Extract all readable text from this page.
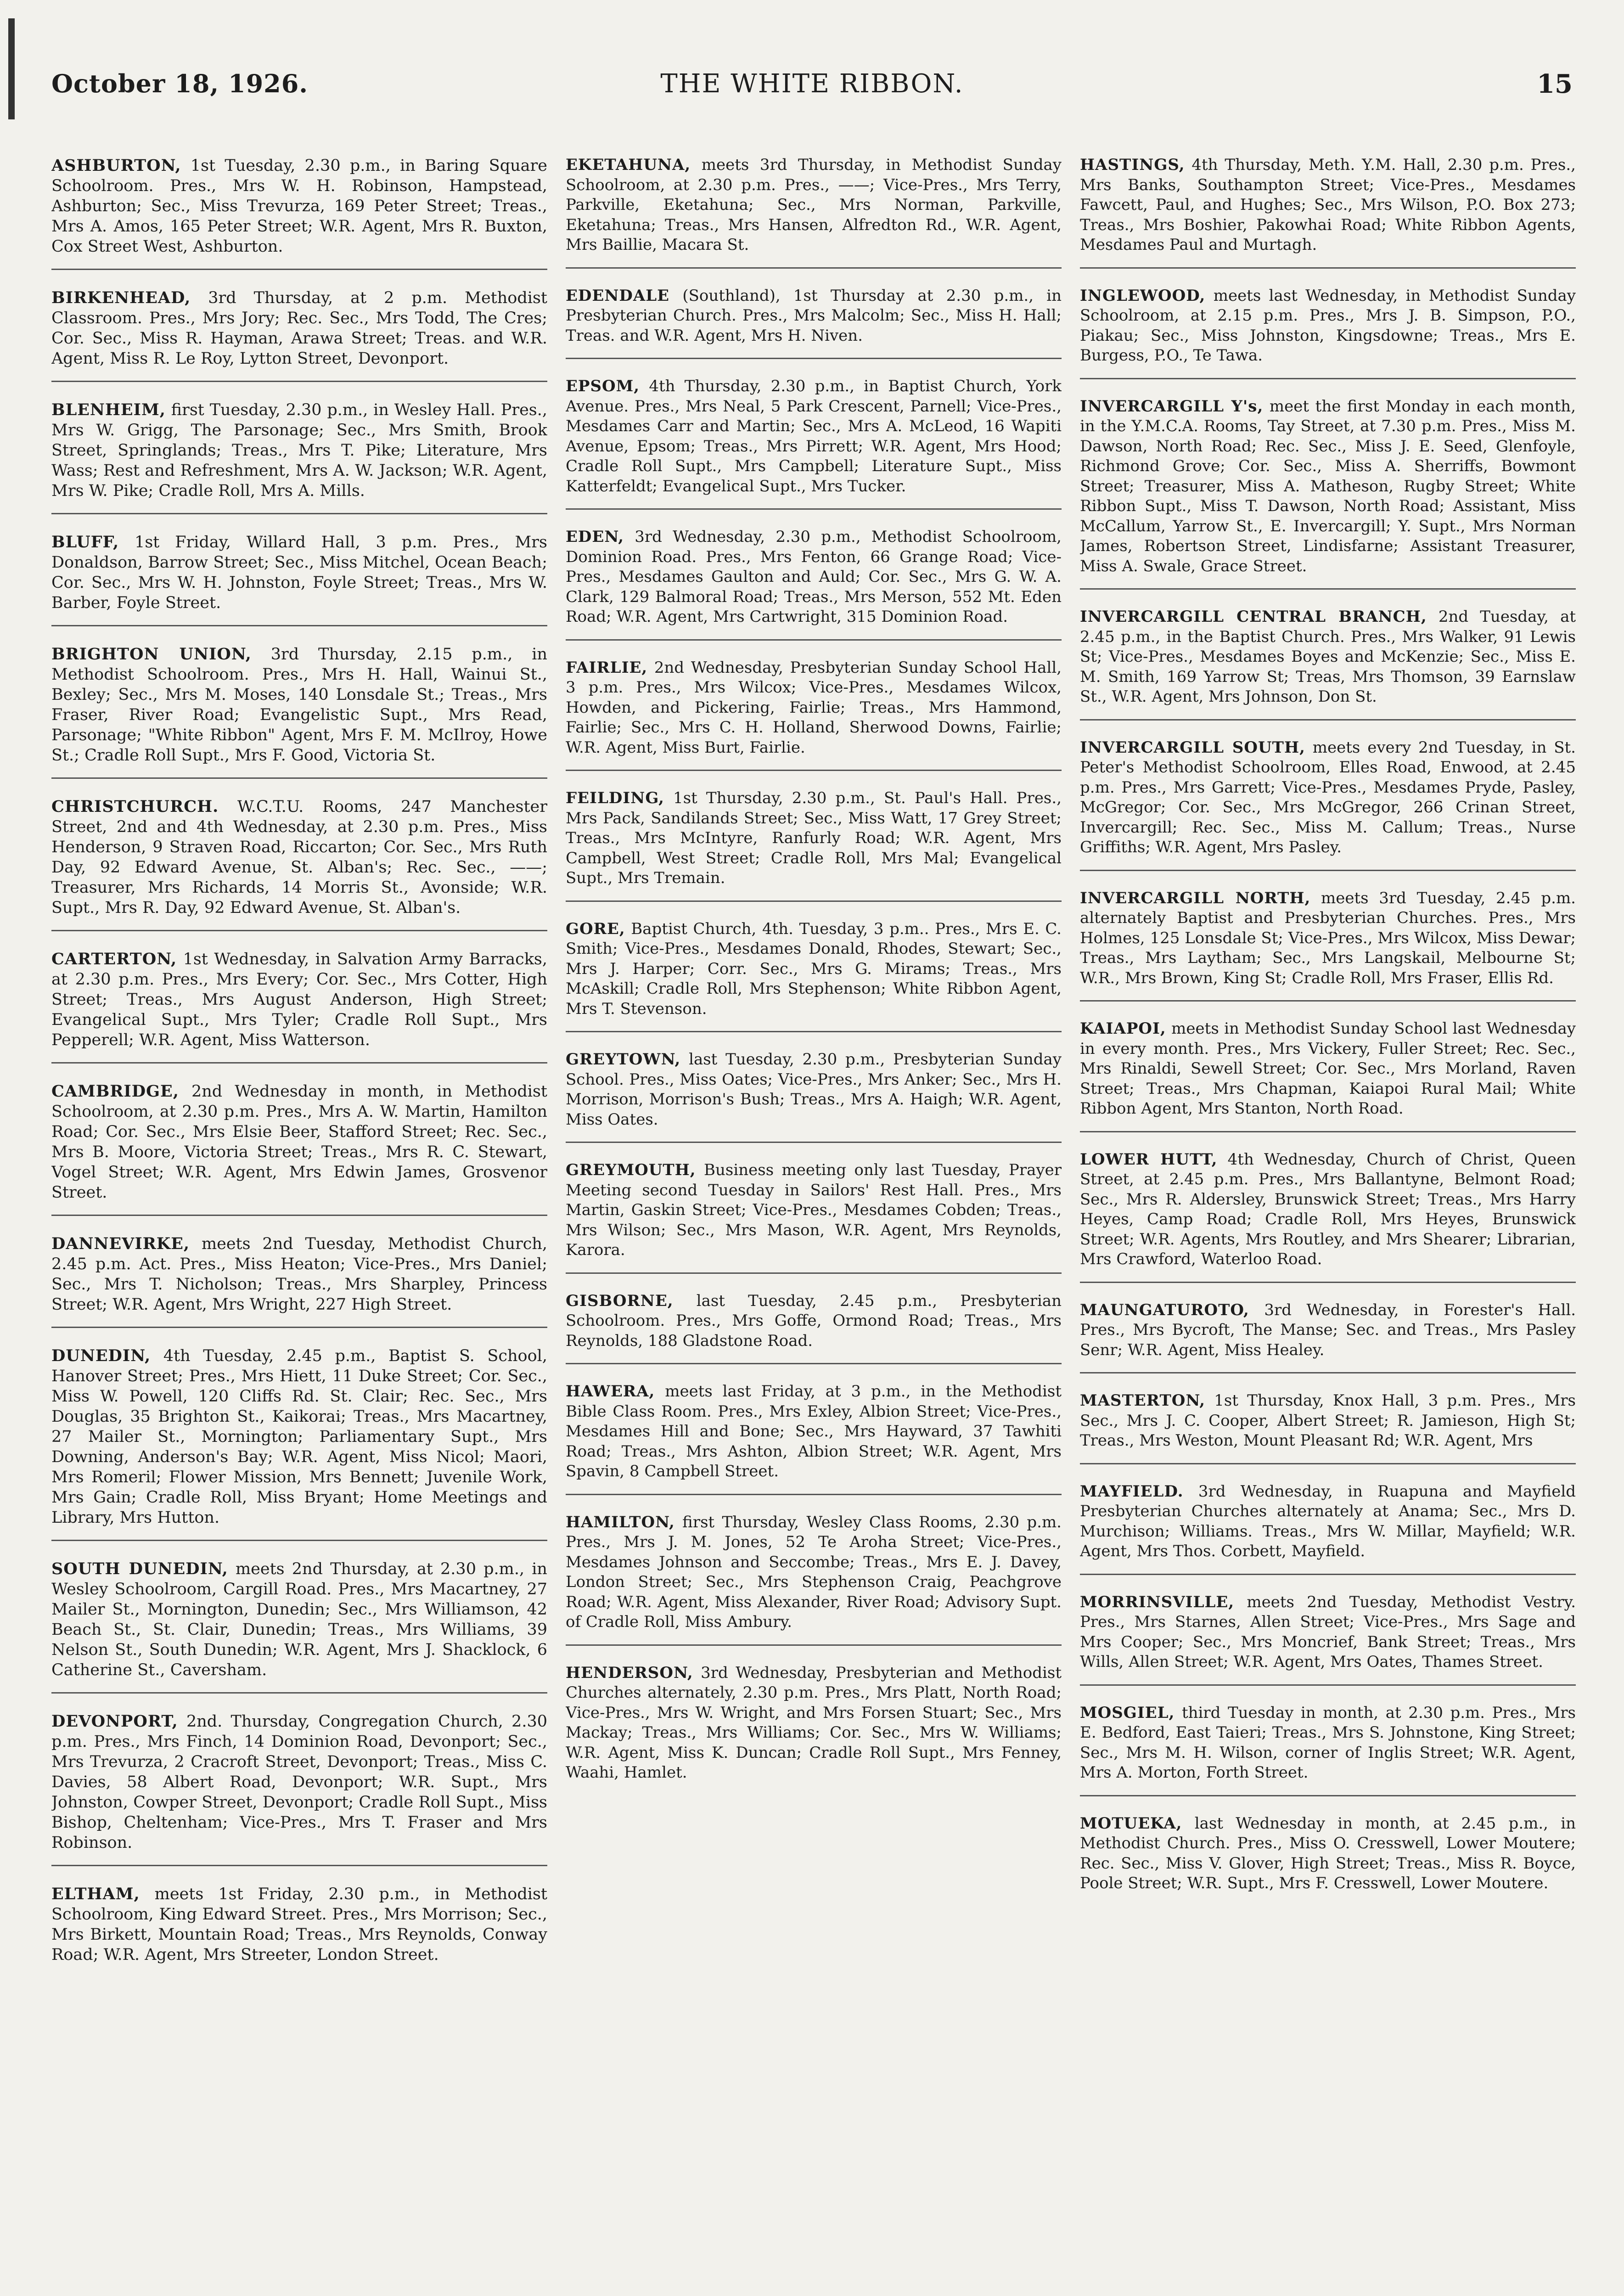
October 18, 1926.	THE WHITE RIBBON.	15

ASHBURTON, 1st Tuesday, 2.30 p.m., in Baring Square Schoolroom. Pres., Mrs W. H. Robinson, Hampstead, Ashburton; Sec., Miss Trevurza, 169 Peter Street; Treas., Mrs A. Amos, 165 Peter Street; W.R. Agent, Mrs R. Buxton, Cox Street West, Ashburton.

BIRKENHEAD, 3rd Thursday, at 2 p.m. Methodist Classroom. Pres., Mrs Jory; Rec. Sec., Mrs Todd, The Cres; Cor. Sec., Miss R. Hayman, Arawa Street; Treas. and W.R. Agent, Miss R. Le Roy, Lytton Street, Devonport.

BLENHEIM, first Tuesday, 2.30 p.m., in Wesley Hall. Pres., Mrs W. Grigg, The Parsonage; Sec., Mrs Smith, Brook Street, Springlands; Treas., Mrs T. Pike; Literature, Mrs Wass; Rest and Refreshment, Mrs A. W. Jackson; W.R. Agent, Mrs W. Pike; Cradle Roll, Mrs A. Mills.

BLUFF, 1st Friday, Willard Hall, 3 p.m. Pres., Mrs Donaldson, Barrow Street; Sec., Miss Mitchel, Ocean Beach; Cor. Sec., Mrs W. H. Johnston, Foyle Street; Treas., Mrs W. Barber, Foyle Street.

BRIGHTON UNION, 3rd Thursday, 2.15 p.m., in Methodist Schoolroom. Pres., Mrs H. Hall, Wainui St., Bexley; Sec., Mrs M. Moses, 140 Lonsdale St.; Treas., Mrs Fraser, River Road; Evangelistic Supt., Mrs Read, Parsonage; "White Ribbon" Agent, Mrs F. M. McIlroy, Howe St.; Cradle Roll Supt., Mrs F. Good, Victoria St.

CHRISTCHURCH. W.C.T.U. Rooms, 247 Manchester Street, 2nd and 4th Wednesday, at 2.30 p.m. Pres., Miss Henderson, 9 Straven Road, Riccarton; Cor. Sec., Mrs Ruth Day, 92 Edward Avenue, St. Alban's; Rec. Sec., ——; Treasurer, Mrs Richards, 14 Morris St., Avonside; W.R. Supt., Mrs R. Day, 92 Edward Avenue, St. Alban's.

CARTERTON, 1st Wednesday, in Salvation Army Barracks, at 2.30 p.m. Pres., Mrs Every; Cor. Sec., Mrs Cotter, High Street; Treas., Mrs August Anderson, High Street; Evangelical Supt., Mrs Tyler; Cradle Roll Supt., Mrs Pepperell; W.R. Agent, Miss Watterson.

CAMBRIDGE, 2nd Wednesday in month, in Methodist Schoolroom, at 2.30 p.m. Pres., Mrs A. W. Martin, Hamilton Road; Cor. Sec., Mrs Elsie Beer, Stafford Street; Rec. Sec., Mrs B. Moore, Victoria Street; Treas., Mrs R. C. Stewart, Vogel Street; W.R. Agent, Mrs Edwin James, Grosvenor Street.

DANNEVIRKE, meets 2nd Tuesday, Methodist Church, 2.45 p.m. Act. Pres., Miss Heaton; Vice-Pres., Mrs Daniel; Sec., Mrs T. Nicholson; Treas., Mrs Sharpley, Princess Street; W.R. Agent, Mrs Wright, 227 High Street.

DUNEDIN, 4th Tuesday, 2.45 p.m., Baptist S. School, Hanover Street; Pres., Mrs Hiett, 11 Duke Street; Cor. Sec., Miss W. Powell, 120 Cliffs Rd. St. Clair; Rec. Sec., Mrs Douglas, 35 Brighton St., Kaikorai; Treas., Mrs Macartney, 27 Mailer St., Mornington; Parliamentary Supt., Mrs Downing, Anderson's Bay; W.R. Agent, Miss Nicol; Maori, Mrs Romeril; Flower Mission, Mrs Bennett; Juvenile Work, Mrs Gain; Cradle Roll, Miss Bryant; Home Meetings and Library, Mrs Hutton.

SOUTH DUNEDIN, meets 2nd Thursday, at 2.30 p.m., in Wesley Schoolroom, Cargill Road. Pres., Mrs Macartney, 27 Mailer St., Mornington, Dunedin; Sec., Mrs Williamson, 42 Beach St., St. Clair, Dunedin; Treas., Mrs Williams, 39 Nelson St., South Dunedin; W.R. Agent, Mrs J. Shacklock, 6 Catherine St., Caversham.

DEVONPORT, 2nd. Thursday, Congregation Church, 2.30 p.m. Pres., Mrs Finch, 14 Dominion Road, Devonport; Sec., Mrs Trevurza, 2 Cracroft Street, Devonport; Treas., Miss C. Davies, 58 Albert Road, Devonport; W.R. Supt., Mrs Johnston, Cowper Street, Devonport; Cradle Roll Supt., Miss Bishop, Cheltenham; Vice-Pres., Mrs T. Fraser and Mrs Robinson.

ELTHAM, meets 1st Friday, 2.30 p.m., in Methodist Schoolroom, King Edward Street. Pres., Mrs Morrison; Sec., Mrs Birkett, Mountain Road; Treas., Mrs Reynolds, Conway Road; W.R. Agent, Mrs Streeter, London Street.

EKETAHUNA, meets 3rd Thursday, in Methodist Sunday Schoolroom, at 2.30 p.m. Pres., ——; Vice-Pres., Mrs Terry, Parkville, Eketahuna; Sec., Mrs Norman, Parkville, Eketahuna; Treas., Mrs Hansen, Alfredton Rd., W.R. Agent, Mrs Baillie, Macara St.

EDENDALE (Southland), 1st Thursday at 2.30 p.m., in Presbyterian Church. Pres., Mrs Malcolm; Sec., Miss H. Hall; Treas. and W.R. Agent, Mrs H. Niven.

EPSOM, 4th Thursday, 2.30 p.m., in Baptist Church, York Avenue. Pres., Mrs Neal, 5 Park Crescent, Parnell; Vice-Pres., Mesdames Carr and Martin; Sec., Mrs A. McLeod, 16 Wapiti Avenue, Epsom; Treas., Mrs Pirrett; W.R. Agent, Mrs Hood; Cradle Roll Supt., Mrs Campbell; Literature Supt., Miss Katterfeldt; Evangelical Supt., Mrs Tucker.

EDEN, 3rd Wednesday, 2.30 p.m., Methodist Schoolroom, Dominion Road. Pres., Mrs Fenton, 66 Grange Road; Vice-Pres., Mesdames Gaulton and Auld; Cor. Sec., Mrs G. W. A. Clark, 129 Balmoral Road; Treas., Mrs Merson, 552 Mt. Eden Road; W.R. Agent, Mrs Cartwright, 315 Dominion Road.

FAIRLIE, 2nd Wednesday, Presbyterian Sunday School Hall, 3 p.m. Pres., Mrs Wilcox; Vice-Pres., Mesdames Wilcox, Howden, and Pickering, Fairlie; Treas., Mrs Hammond, Fairlie; Sec., Mrs C. H. Holland, Sherwood Downs, Fairlie; W.R. Agent, Miss Burt, Fairlie.

FEILDING, 1st Thursday, 2.30 p.m., St. Paul's Hall. Pres., Mrs Pack, Sandilands Street; Sec., Miss Watt, 17 Grey Street; Treas., Mrs McIntyre, Ranfurly Road; W.R. Agent, Mrs Campbell, West Street; Cradle Roll, Mrs Mal; Evangelical Supt., Mrs Tremain.

GORE, Baptist Church, 4th. Tuesday, 3 p.m.. Pres., Mrs E. C. Smith; Vice-Pres., Mesdames Donald, Rhodes, Stewart; Sec., Mrs J. Harper; Corr. Sec., Mrs G. Mirams; Treas., Mrs McAskill; Cradle Roll, Mrs Stephenson; White Ribbon Agent, Mrs T. Stevenson.

GREYTOWN, last Tuesday, 2.30 p.m., Presbyterian Sunday School. Pres., Miss Oates; Vice-Pres., Mrs Anker; Sec., Mrs H. Morrison, Morrison's Bush; Treas., Mrs A. Haigh; W.R. Agent, Miss Oates.

GREYMOUTH, Business meeting only last Tuesday, Prayer Meeting second Tuesday in Sailors' Rest Hall. Pres., Mrs Martin, Gaskin Street; Vice-Pres., Mesdames Cobden; Treas., Mrs Wilson; Sec., Mrs Mason, W.R. Agent, Mrs Reynolds, Karora.

GISBORNE, last Tuesday, 2.45 p.m., Presbyterian Schoolroom. Pres., Mrs Goffe, Ormond Road; Treas., Mrs Reynolds, 188 Gladstone Road.

HAWERA, meets last Friday, at 3 p.m., in the Methodist Bible Class Room. Pres., Mrs Exley, Albion Street; Vice-Pres., Mesdames Hill and Bone; Sec., Mrs Hayward, 37 Tawhiti Road; Treas., Mrs Ashton, Albion Street; W.R. Agent, Mrs Spavin, 8 Campbell Street.

HAMILTON, first Thursday, Wesley Class Rooms, 2.30 p.m. Pres., Mrs J. M. Jones, 52 Te Aroha Street; Vice-Pres., Mesdames Johnson and Seccombe; Treas., Mrs E. J. Davey, London Street; Sec., Mrs Stephenson Craig, Peachgrove Road; W.R. Agent, Miss Alexander, River Road; Advisory Supt. of Cradle Roll, Miss Ambury.

HENDERSON, 3rd Wednesday, Presbyterian and Methodist Churches alternately, 2.30 p.m. Pres., Mrs Platt, North Road; Vice-Pres., Mrs W. Wright, and Mrs Forsen Stuart; Sec., Mrs Mackay; Treas., Mrs Williams; Cor. Sec., Mrs W. Williams; W.R. Agent, Miss K. Duncan; Cradle Roll Supt., Mrs Fenney, Waahi, Hamlet.

HASTINGS, 4th Thursday, Meth. Y.M. Hall, 2.30 p.m. Pres., Mrs Banks, Southampton Street; Vice-Pres., Mesdames Fawcett, Paul, and Hughes; Sec., Mrs Wilson, P.O. Box 273; Treas., Mrs Boshier, Pakowhai Road; White Ribbon Agents, Mesdames Paul and Murtagh.

INGLEWOOD, meets last Wednesday, in Methodist Sunday Schoolroom, at 2.15 p.m. Pres., Mrs J. B. Simpson, P.O., Piakau; Sec., Miss Johnston, Kingsdowne; Treas., Mrs E. Burgess, P.O., Te Tawa.

INVERCARGILL Y's, meet the first Monday in each month, in the Y.M.C.A. Rooms, Tay Street, at 7.30 p.m. Pres., Miss M. Dawson, North Road; Rec. Sec., Miss J. E. Seed, Glenfoyle, Richmond Grove; Cor. Sec., Miss A. Sherriffs, Bowmont Street; Treasurer, Miss A. Matheson, Rugby Street; White Ribbon Supt., Miss T. Dawson, North Road; Assistant, Miss McCallum, Yarrow St., E. Invercargill; Y. Supt., Mrs Norman James, Robertson Street, Lindisfarne; Assistant Treasurer, Miss A. Swale, Grace Street.

INVERCARGILL CENTRAL BRANCH, 2nd Tuesday, at 2.45 p.m., in the Baptist Church. Pres., Mrs Walker, 91 Lewis St; Vice-Pres., Mesdames Boyes and McKenzie; Sec., Miss E. M. Smith, 169 Yarrow St; Treas, Mrs Thomson, 39 Earnslaw St., W.R. Agent, Mrs Johnson, Don St.

INVERCARGILL SOUTH, meets every 2nd Tuesday, in St. Peter's Methodist Schoolroom, Elles Road, Enwood, at 2.45 p.m. Pres., Mrs Garrett; Vice-Pres., Mesdames Pryde, Pasley, McGregor; Cor. Sec., Mrs McGregor, 266 Crinan Street, Invercargill; Rec. Sec., Miss M. Callum; Treas., Nurse Griffiths; W.R. Agent, Mrs Pasley.

INVERCARGILL NORTH, meets 3rd Tuesday, 2.45 p.m. alternately Baptist and Presbyterian Churches. Pres., Mrs Holmes, 125 Lonsdale St; Vice-Pres., Mrs Wilcox, Miss Dewar; Treas., Mrs Laytham; Sec., Mrs Langskail, Melbourne St; W.R., Mrs Brown, King St; Cradle Roll, Mrs Fraser, Ellis Rd.

KAIAPOI, meets in Methodist Sunday School last Wednesday in every month. Pres., Mrs Vickery, Fuller Street; Rec. Sec., Mrs Rinaldi, Sewell Street; Cor. Sec., Mrs Morland, Raven Street; Treas., Mrs Chapman, Kaiapoi Rural Mail; White Ribbon Agent, Mrs Stanton, North Road.

LOWER HUTT, 4th Wednesday, Church of Christ, Queen Street, at 2.45 p.m. Pres., Mrs Ballantyne, Belmont Road; Sec., Mrs R. Aldersley, Brunswick Street; Treas., Mrs Harry Heyes, Camp Road; Cradle Roll, Mrs Heyes, Brunswick Street; W.R. Agents, Mrs Routley, and Mrs Shearer; Librarian, Mrs Crawford, Waterloo Road.

MAUNGATUROTO, 3rd Wednesday, in Forester's Hall. Pres., Mrs Bycroft, The Manse; Sec. and Treas., Mrs Pasley Senr; W.R. Agent, Miss Healey.

MASTERTON, 1st Thursday, Knox Hall, 3 p.m. Pres., Mrs Sec., Mrs J. C. Cooper, Albert Street; R. Jamieson, High St; Treas., Mrs Weston, Mount Pleasant Rd; W.R. Agent, Mrs

MAYFIELD. 3rd Wednesday, in Ruapuna and Mayfield Presbyterian Churches alternately at Anama; Sec., Mrs D. Murchison; Williams. Treas., Mrs W. Millar, Mayfield; W.R. Agent, Mrs Thos. Corbett, Mayfield.

MORRINSVILLE, meets 2nd Tuesday, Methodist Vestry. Pres., Mrs Starnes, Allen Street; Vice-Pres., Mrs Sage and Mrs Cooper; Sec., Mrs Moncrief, Bank Street; Treas., Mrs Wills, Allen Street; W.R. Agent, Mrs Oates, Thames Street.

MOSGIEL, third Tuesday in month, at 2.30 p.m. Pres., Mrs E. Bedford, East Taieri; Treas., Mrs S. Johnstone, King Street; Sec., Mrs M. H. Wilson, corner of Inglis Street; W.R. Agent, Mrs A. Morton, Forth Street.

MOTUEKA, last Wednesday in month, at 2.45 p.m., in Methodist Church. Pres., Miss O. Cresswell, Lower Moutere; Rec. Sec., Miss V. Glover, High Street; Treas., Miss R. Boyce, Poole Street; W.R. Supt., Mrs F. Cresswell, Lower Moutere.
